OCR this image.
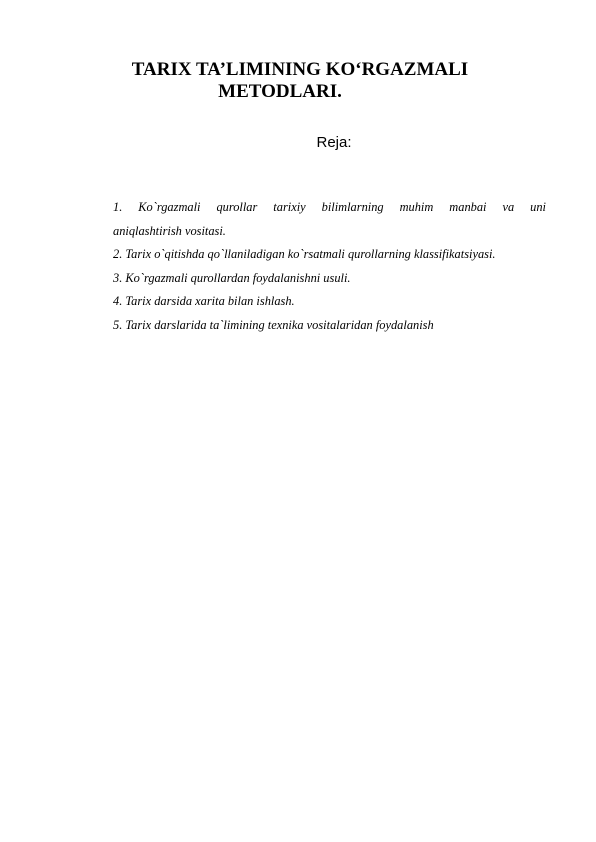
TARIX TA’LIMINING KO‘RGAZMALI
METODLARI.
Reja:
1. Ko`rgazmali qurollar tarixiy bilimlarning muhim manbai va uni
aniqlashtirish vositasi.
2. Tarix o`qitishda qo`llaniladigan ko`rsatmali qurollarning klassifikatsiyasi.
3. Ko`rgazmali qurollardan foydalanishni usuli.
4. Tarix darsida xarita bilan ishlash.
5. Tarix darslarida ta`limining texnika vositalaridan foydalanish
